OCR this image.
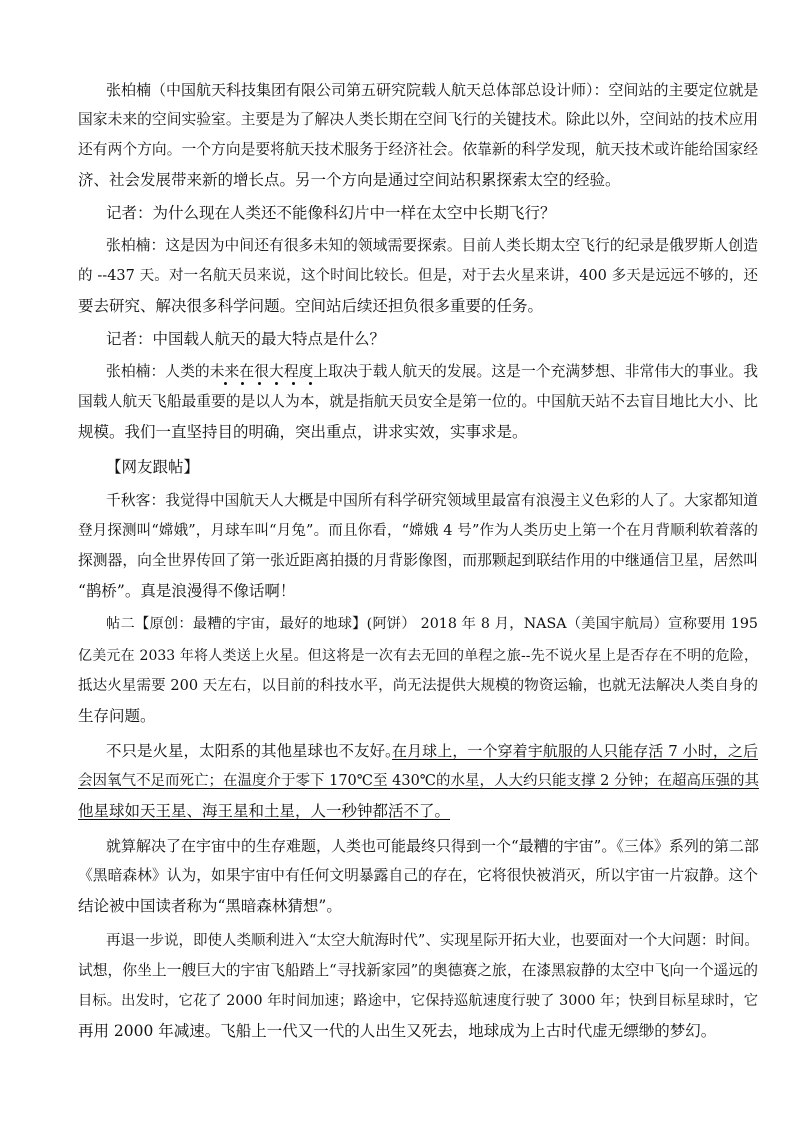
张柏楠（中国航天科技集团有限公司第五研究院载人航天总体部总设计师）：空间站的主要定位就是
国家未来的空间实验室。主要是为了解决人类长期在空间飞行的关键技术。除此以外，空间站的技术应用
还有两个方向。一个方向是要将航天技术服务于经济社会。依靠新的科学发现，航天技术或许能给国家经
济、社会发展带来新的增长点。另一个方向是通过空间站积累探索太空的经验。
记者：为什么现在人类还不能像科幻片中一样在太空中长期飞行？
张柏楠：这是因为中间还有很多未知的领域需要探索。目前人类长期太空飞行的纪录是俄罗斯人创造
的 --437 天。对一名航天员来说，这个时间比较长。但是，对于去火星来讲，400 多天是远远不够的，还
要去研究、解决很多科学问题。空间站后续还担负很多重要的任务。
记者：中国载人航天的最大特点是什么？
张柏楠：人类的未来在很大程度上取决于载人航天的发展。这是一个充满梦想、非常伟大的事业。我
国载人航天飞船最重要的是以人为本，就是指航天员安全是第一位的。中国航天站不去盲目地比大小、比
规模。我们一直坚持目的明确，突出重点，讲求实效，实事求是。
【网友跟帖】
千秋客：我觉得中国航天人大概是中国所有科学研究领域里最富有浪漫主义色彩的人了。大家都知道
登月探测叫“嫦娥”，月球车叫“月兔”。而且你看，“嫦娥 4 号”作为人类历史上第一个在月背顺利软着落的
探测器，向全世界传回了第一张近距离拍摄的月背影像图，而那颗起到联结作用的中继通信卫星，居然叫
“鹊桥”。真是浪漫得不像话啊！
帖二【原创：最糟的宇宙，最好的地球】(阿饼） 2018 年 8 月，NASA（美国宇航局）宣称要用 195
亿美元在 2033 年将人类送上火星。但这将是一次有去无回的单程之旅--先不说火星上是否存在不明的危险，
抵达火星需要 200 天左右，以目前的科技水平，尚无法提供大规模的物资运输，也就无法解决人类自身的
生存问题。
不只是火星，太阳系的其他星球也不友好。
在月球上，一个穿着宇航服的人只能存活 7 小时，之后
会因氧气不足而死亡；在温度介于零下 170℃至 430℃的水星，人大约只能支撑 2 分钟；在超高压强的其
他星球如天王星、海王星和土星，人一秒钟都活不了。
就算解决了在宇宙中的生存难题，人类也可能最终只得到一个“最糟的宇宙”。《三体》系列的第二部
《黑暗森林》认为，如果宇宙中有任何文明暴露自己的存在，它将很快被消灭，所以宇宙一片寂静。这个
结论被中国读者称为“黑暗森林猜想”。
再退一步说，即使人类顺利进入“太空大航海时代”、实现星际开拓大业，也要面对一个大问题：时间。
试想，你坐上一艘巨大的宇宙飞船踏上“寻找新家园”的奥德赛之旅，在漆黑寂静的太空中飞向一个遥远的
目标。出发时，它花了 2000 年时间加速；路途中，它保持巡航速度行驶了 3000 年；快到目标星球时，它
再用 2000 年减速。飞船上一代又一代的人出生又死去，地球成为上古时代虚无缥缈的梦幻。
